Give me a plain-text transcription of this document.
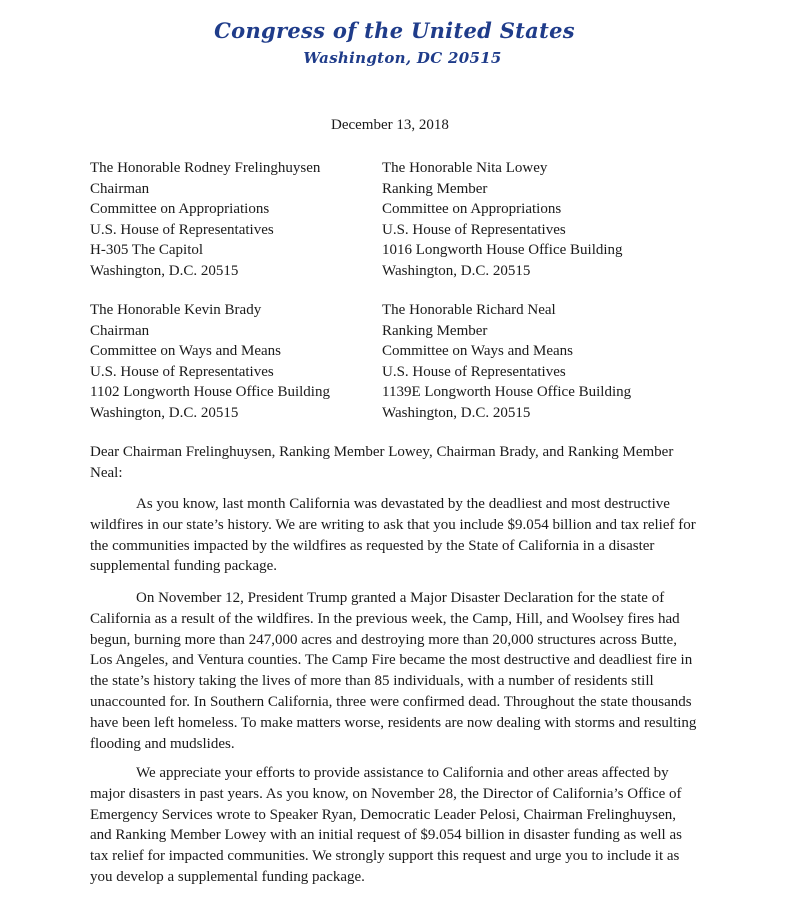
Congress of the United States
Washington, DC 20515
December 13, 2018
The Honorable Rodney Frelinghuysen
Chairman
Committee on Appropriations
U.S. House of Representatives
H-305 The Capitol
Washington, D.C. 20515
The Honorable Nita Lowey
Ranking Member
Committee on Appropriations
U.S. House of Representatives
1016 Longworth House Office Building
Washington, D.C. 20515
The Honorable Kevin Brady
Chairman
Committee on Ways and Means
U.S. House of Representatives
1102 Longworth House Office Building
Washington, D.C. 20515
The Honorable Richard Neal
Ranking Member
Committee on Ways and Means
U.S. House of Representatives
1139E Longworth House Office Building
Washington, D.C. 20515
Dear Chairman Frelinghuysen, Ranking Member Lowey, Chairman Brady, and Ranking Member Neal:

As you know, last month California was devastated by the deadliest and most destructive wildfires in our state’s history. We are writing to ask that you include $9.054 billion and tax relief for the communities impacted by the wildfires as requested by the State of California in a disaster supplemental funding package.

On November 12, President Trump granted a Major Disaster Declaration for the state of California as a result of the wildfires. In the previous week, the Camp, Hill, and Woolsey fires had begun, burning more than 247,000 acres and destroying more than 20,000 structures across Butte, Los Angeles, and Ventura counties. The Camp Fire became the most destructive and deadliest fire in the state’s history taking the lives of more than 85 individuals, with a number of residents still unaccounted for. In Southern California, three were confirmed dead. Throughout the state thousands have been left homeless. To make matters worse, residents are now dealing with storms and resulting flooding and mudslides.

We appreciate your efforts to provide assistance to California and other areas affected by major disasters in past years. As you know, on November 28, the Director of California’s Office of Emergency Services wrote to Speaker Ryan, Democratic Leader Pelosi, Chairman Frelinghuysen, and Ranking Member Lowey with an initial request of $9.054 billion in disaster funding as well as tax relief for impacted communities. We strongly support this request and urge you to include it as you develop a supplemental funding package.
